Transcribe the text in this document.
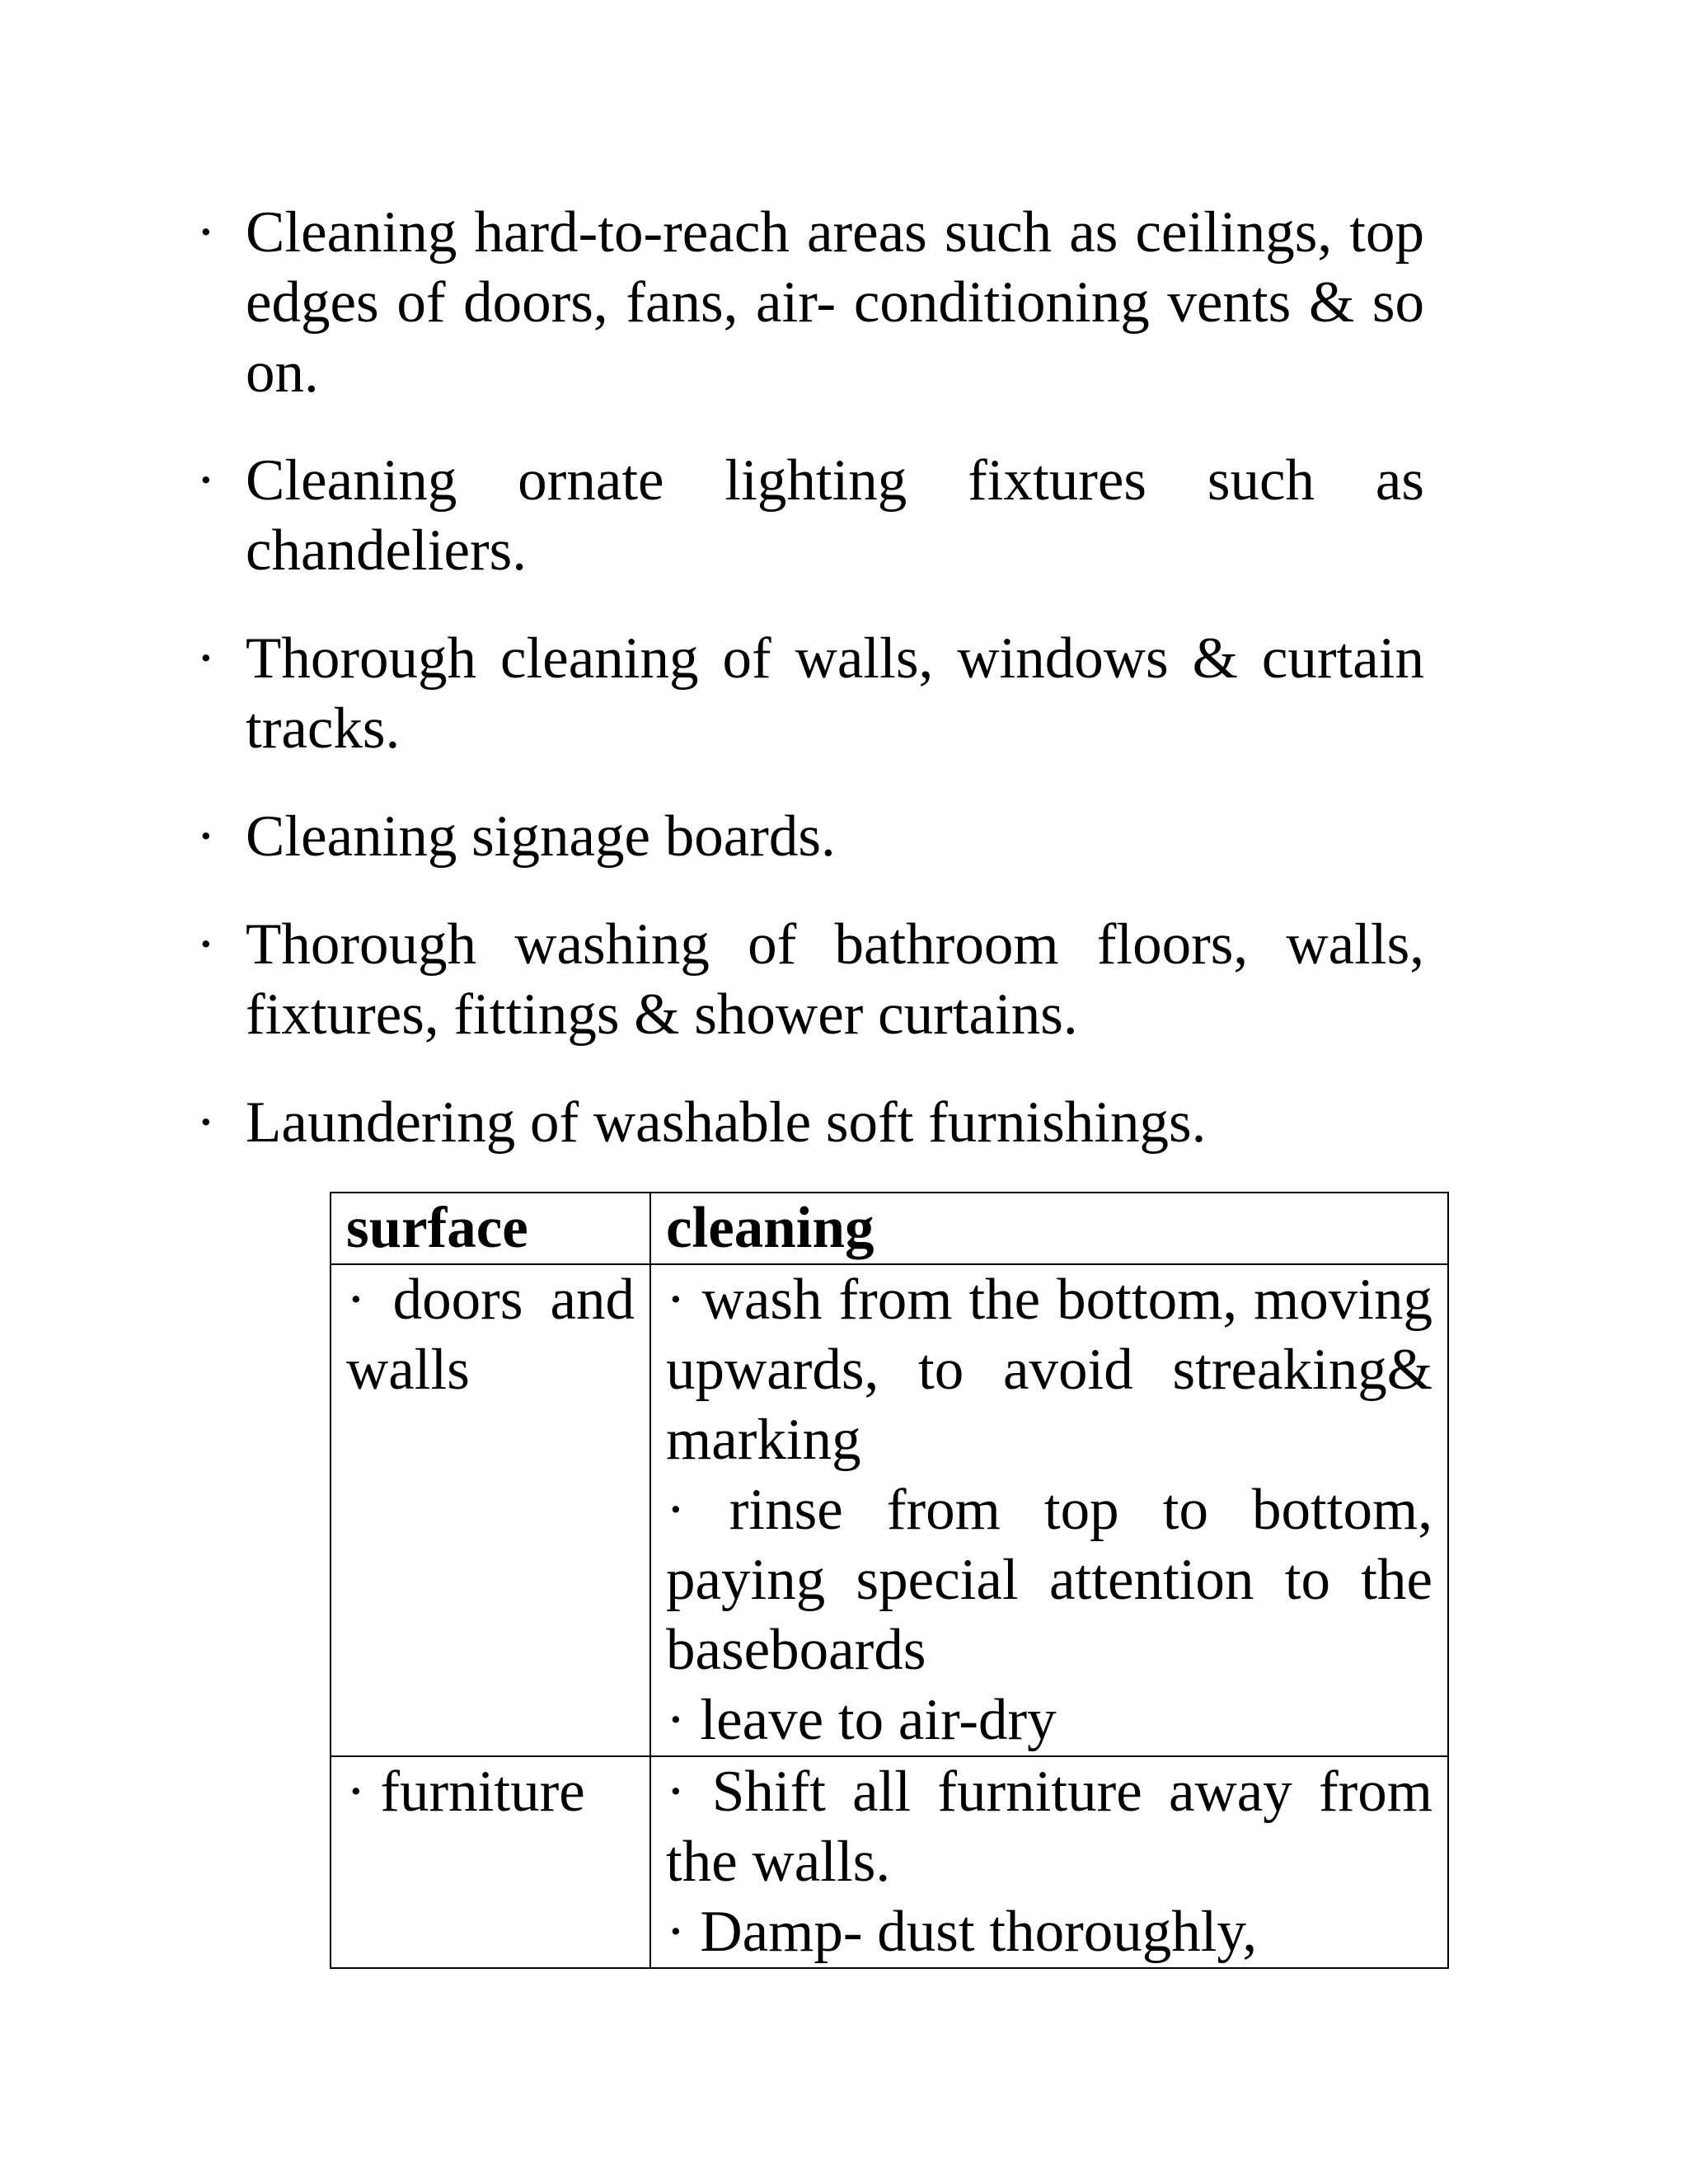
· Cleaning hard-to-reach areas such as ceilings, top edges of doors, fans, air- conditioning vents & so on.
· Cleaning ornate lighting fixtures such as chandeliers.
· Thorough cleaning of walls, windows & curtain tracks.
· Cleaning signage boards.
· Thorough washing of bathroom floors, walls, fixtures, fittings & shower curtains.
· Laundering of washable soft furnishings.
surface	cleaning
· doors and walls	· wash from the bottom, moving upwards, to avoid streaking& marking
· rinse from top to bottom, paying special attention to the baseboards
· leave to air-dry

· furniture	· Shift all furniture away from the walls.
· Damp- dust thoroughly,
